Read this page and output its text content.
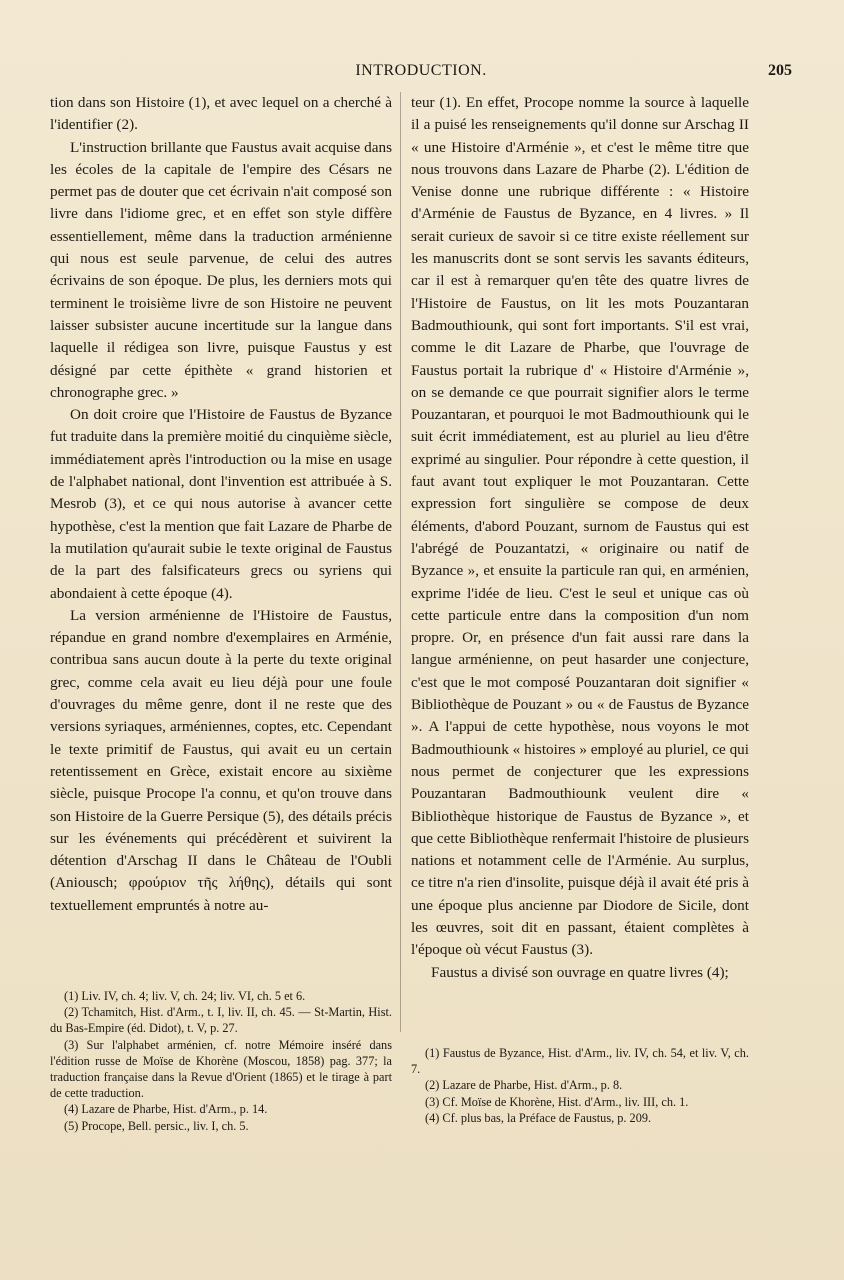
INTRODUCTION.	205

tion dans son Histoire (1), et avec lequel on a cherché à l'identifier (2).

L'instruction brillante que Faustus avait acquise dans les écoles de la capitale de l'empire des Césars ne permet pas de douter que cet écrivain n'ait composé son livre dans l'idiome grec, et en effet son style diffère essentiellement, même dans la traduction arménienne qui nous est seule parvenue, de celui des autres écrivains de son époque. De plus, les derniers mots qui terminent le troisième livre de son Histoire ne peuvent laisser subsister aucune incertitude sur la langue dans laquelle il rédigea son livre, puisque Faustus y est désigné par cette épithète « grand historien et chronographe grec. »

On doit croire que l'Histoire de Faustus de Byzance fut traduite dans la première moitié du cinquième siècle, immédiatement après l'introduction ou la mise en usage de l'alphabet national, dont l'invention est attribuée à S. Mesrob (3), et ce qui nous autorise à avancer cette hypothèse, c'est la mention que fait Lazare de Pharbe de la mutilation qu'aurait subie le texte original de Faustus de la part des falsificateurs grecs ou syriens qui abondaient à cette époque (4).

La version arménienne de l'Histoire de Faustus, répandue en grand nombre d'exemplaires en Arménie, contribua sans aucun doute à la perte du texte original grec, comme cela avait eu lieu déjà pour une foule d'ouvrages du même genre, dont il ne reste que des versions syriaques, arméniennes, coptes, etc. Cependant le texte primitif de Faustus, qui avait eu un certain retentissement en Grèce, existait encore au sixième siècle, puisque Procope l'a connu, et qu'on trouve dans son Histoire de la Guerre Persique (5), des détails précis sur les événements qui précédèrent et suivirent la détention d'Arschag II dans le Château de l'Oubli (Aniousch; φρούριον τῆς λήθης), détails qui sont textuellement empruntés à notre au-

teur (1). En effet, Procope nomme la source à laquelle il a puisé les renseignements qu'il donne sur Arschag II « une Histoire d'Arménie », et c'est le même titre que nous trouvons dans Lazare de Pharbe (2). L'édition de Venise donne une rubrique différente : « Histoire d'Arménie de Faustus de Byzance, en 4 livres. » Il serait curieux de savoir si ce titre existe réellement sur les manuscrits dont se sont servis les savants éditeurs, car il est à remarquer qu'en tête des quatre livres de l'Histoire de Faustus, on lit les mots Pouzantaran Badmouthiounk, qui sont fort importants. S'il est vrai, comme le dit Lazare de Pharbe, que l'ouvrage de Faustus portait la rubrique d' « Histoire d'Arménie », on se demande ce que pourrait signifier alors le terme Pouzantaran, et pourquoi le mot Badmouthiounk qui le suit écrit immédiatement, est au pluriel au lieu d'être exprimé au singulier. Pour répondre à cette question, il faut avant tout expliquer le mot Pouzantaran. Cette expression fort singulière se compose de deux éléments, d'abord Pouzant, surnom de Faustus qui est l'abrégé de Pouzantatzi, « originaire ou natif de Byzance », et ensuite la particule ran qui, en arménien, exprime l'idée de lieu. C'est le seul et unique cas où cette particule entre dans la composition d'un nom propre. Or, en présence d'un fait aussi rare dans la langue arménienne, on peut hasarder une conjecture, c'est que le mot composé Pouzantaran doit signifier « Bibliothèque de Pouzant » ou « de Faustus de Byzance ». A l'appui de cette hypothèse, nous voyons le mot Badmouthiounk « histoires » employé au pluriel, ce qui nous permet de conjecturer que les expressions Pouzantaran Badmouthiounk veulent dire « Bibliothèque historique de Faustus de Byzance », et que cette Bibliothèque renfermait l'histoire de plusieurs nations et notamment celle de l'Arménie. Au surplus, ce titre n'a rien d'insolite, puisque déjà il avait été pris à une époque plus ancienne par Diodore de Sicile, dont les œuvres, soit dit en passant, étaient complètes à l'époque où vécut Faustus (3).

Faustus a divisé son ouvrage en quatre livres (4);

(1) Liv. IV, ch. 4; liv. V, ch. 24; liv. VI, ch. 5 et 6.

(2) Tchamitch, Hist. d'Arm., t. I, liv. II, ch. 45. — St-Martin, Hist. du Bas-Empire (éd. Didot), t. V, p. 27.

(3) Sur l'alphabet arménien, cf. notre Mémoire inséré dans l'édition russe de Moïse de Khorène (Moscou, 1858) pag. 377; la traduction française dans la Revue d'Orient (1865) et le tirage à part de cette traduction.

(4) Lazare de Pharbe, Hist. d'Arm., p. 14.

(5) Procope, Bell. persic., liv. I, ch. 5.

(1) Faustus de Byzance, Hist. d'Arm., liv. IV, ch. 54, et liv. V, ch. 7.

(2) Lazare de Pharbe, Hist. d'Arm., p. 8.

(3) Cf. Moïse de Khorène, Hist. d'Arm., liv. III, ch. 1.

(4) Cf. plus bas, la Préface de Faustus, p. 209.
